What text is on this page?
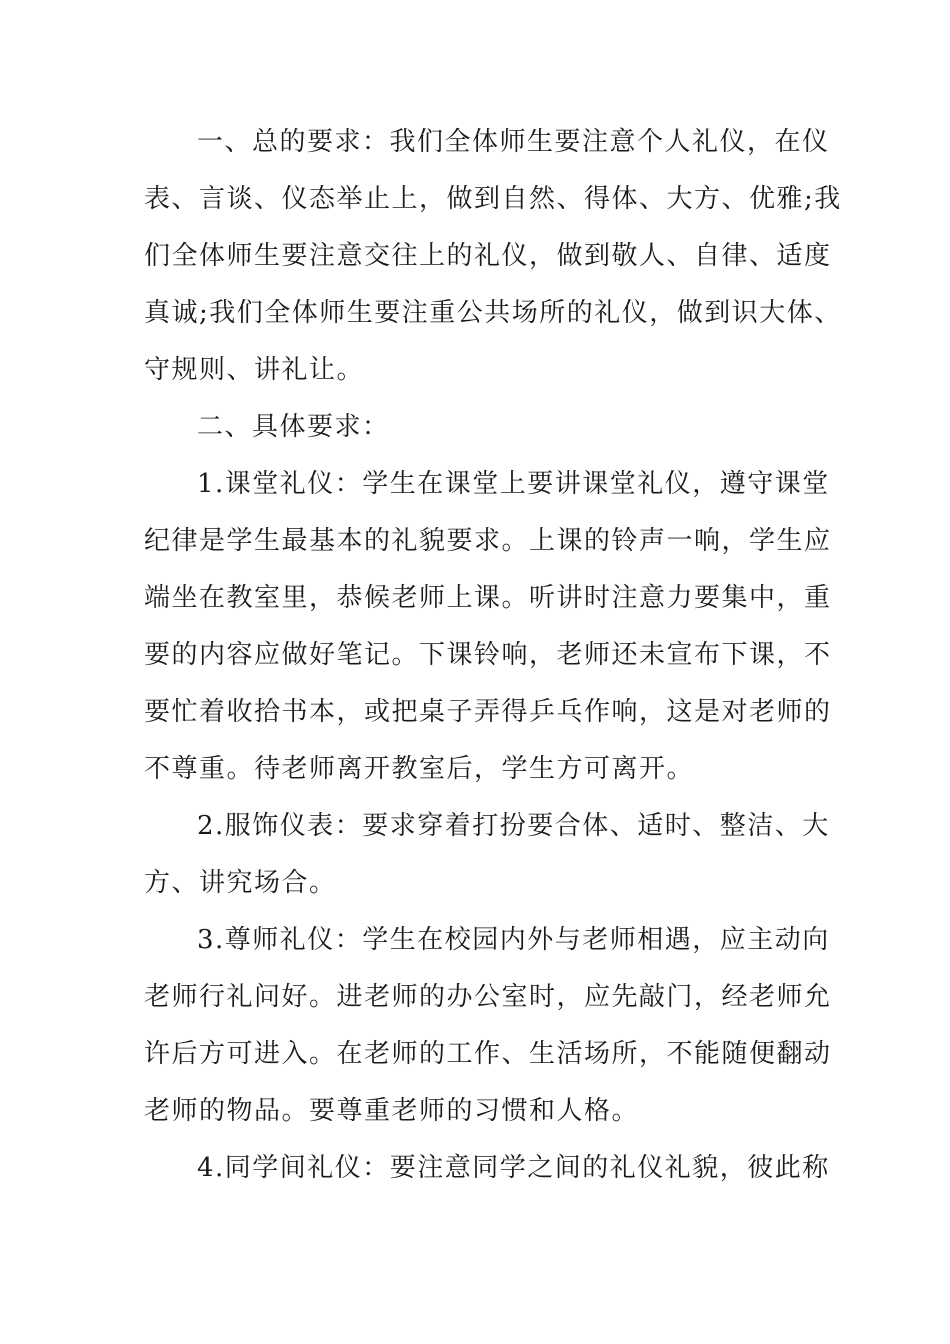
一、总的要求：我们全体师生要注意个人礼仪，在仪
表、言谈、仪态举止上，做到自然、得体、大方、优雅;我
们全体师生要注意交往上的礼仪，做到敬人、自律、适度
真诚;我们全体师生要注重公共场所的礼仪，做到识大体、
守规则、讲礼让。
二、具体要求：
1.课堂礼仪：学生在课堂上要讲课堂礼仪，遵守课堂
纪律是学生最基本的礼貌要求。上课的铃声一响，学生应
端坐在教室里，恭候老师上课。听讲时注意力要集中，重
要的内容应做好笔记。下课铃响，老师还未宣布下课，不
要忙着收拾书本，或把桌子弄得乒乓作响，这是对老师的
不尊重。待老师离开教室后，学生方可离开。
2.服饰仪表：要求穿着打扮要合体、适时、整洁、大
方、讲究场合。
3.尊师礼仪：学生在校园内外与老师相遇，应主动向
老师行礼问好。进老师的办公室时，应先敲门，经老师允
许后方可进入。在老师的工作、生活场所，不能随便翻动
老师的物品。要尊重老师的习惯和人格。
4.同学间礼仪：要注意同学之间的礼仪礼貌，彼此称
